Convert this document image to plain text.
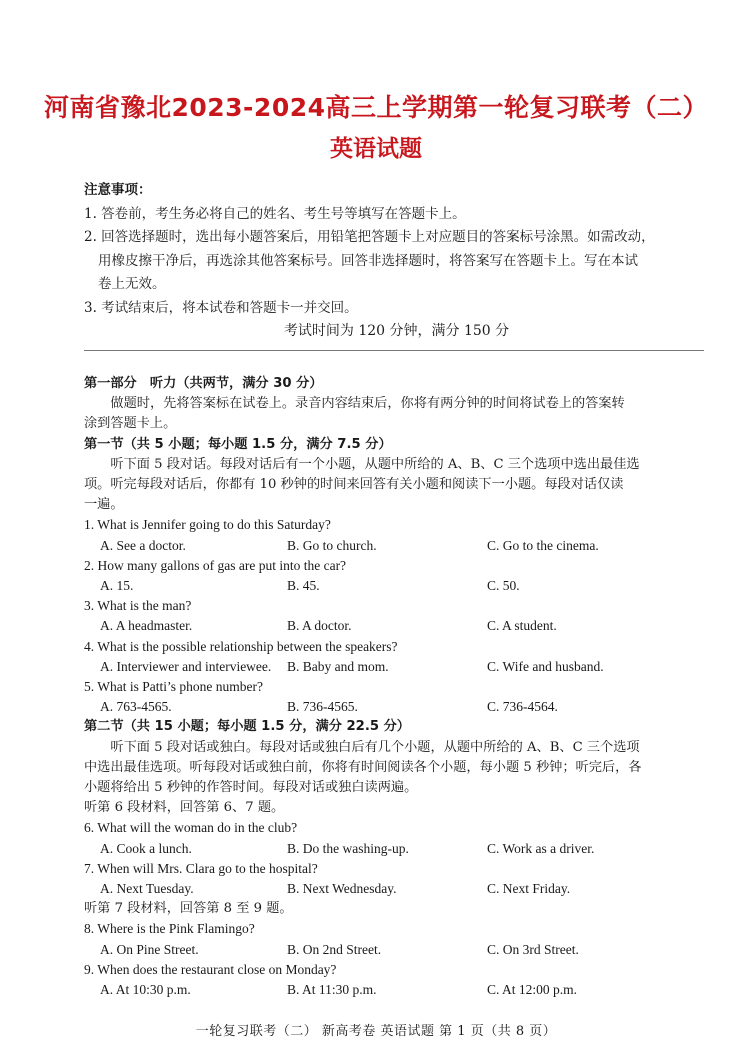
河南省豫北2023-2024高三上学期第一轮复习联考（二）
英语试题

注意事项：

1. 答卷前，考生务必将自己的姓名、考生号等填写在答题卡上。

2. 回答选择题时，选出每小题答案后，用铅笔把答题卡上对应题目的答案标号涂黑。如需改动，

用橡皮擦干净后，再选涂其他答案标号。回答非选择题时，将答案写在答题卡上。写在本试

卷上无效。

3. 考试结束后，将本试卷和答题卡一并交回。

考试时间为 120 分钟，满分 150 分

第一部分　听力（共两节，满分 30 分）

做题时，先将答案标在试卷上。录音内容结束后，你将有两分钟的时间将试卷上的答案转

涂到答题卡上。

第一节（共 5 小题；每小题 1.5 分，满分 7.5 分）

听下面 5 段对话。每段对话后有一个小题，从题中所给的 A、B、C 三个选项中选出最佳选

项。听完每段对话后，你都有 10 秒钟的时间来回答有关小题和阅读下一小题。每段对话仅读

一遍。

1. What is Jennifer going to do this Saturday?

A. See a doctor.	B. Go to church.	C. Go to the cinema.

2. How many gallons of gas are put into the car?

A. 15.	B. 45.	C. 50.

3. What is the man?

A. A headmaster.	B. A doctor.	C. A student.

4. What is the possible relationship between the speakers?

A. Interviewer and interviewee.	B. Baby and mom.	C. Wife and husband.

5. What is Patti’s phone number?

A. 763-4565.	B. 736-4565.	C. 736-4564.

第二节（共 15 小题；每小题 1.5 分，满分 22.5 分）

听下面 5 段对话或独白。每段对话或独白后有几个小题，从题中所给的 A、B、C 三个选项

中选出最佳选项。听每段对话或独白前，你将有时间阅读各个小题，每小题 5 秒钟；听完后，各

小题将给出 5 秒钟的作答时间。每段对话或独白读两遍。

听第 6 段材料，回答第 6、7 题。

6. What will the woman do in the club?

A. Cook a lunch.	B. Do the washing-up.	C. Work as a driver.

7. When will Mrs. Clara go to the hospital?

A. Next Tuesday.	B. Next Wednesday.	C. Next Friday.

听第 7 段材料，回答第 8 至 9 题。

8. Where is the Pink Flamingo?

A. On Pine Street.	B. On 2nd Street.	C. On 3rd Street.

9. When does the restaurant close on Monday?

A. At 10:30 p.m.	B. At 11:30 p.m.	C. At 12:00 p.m.
一轮复习联考（二） 新高考卷 英语试题 第 1 页（共 8 页）
